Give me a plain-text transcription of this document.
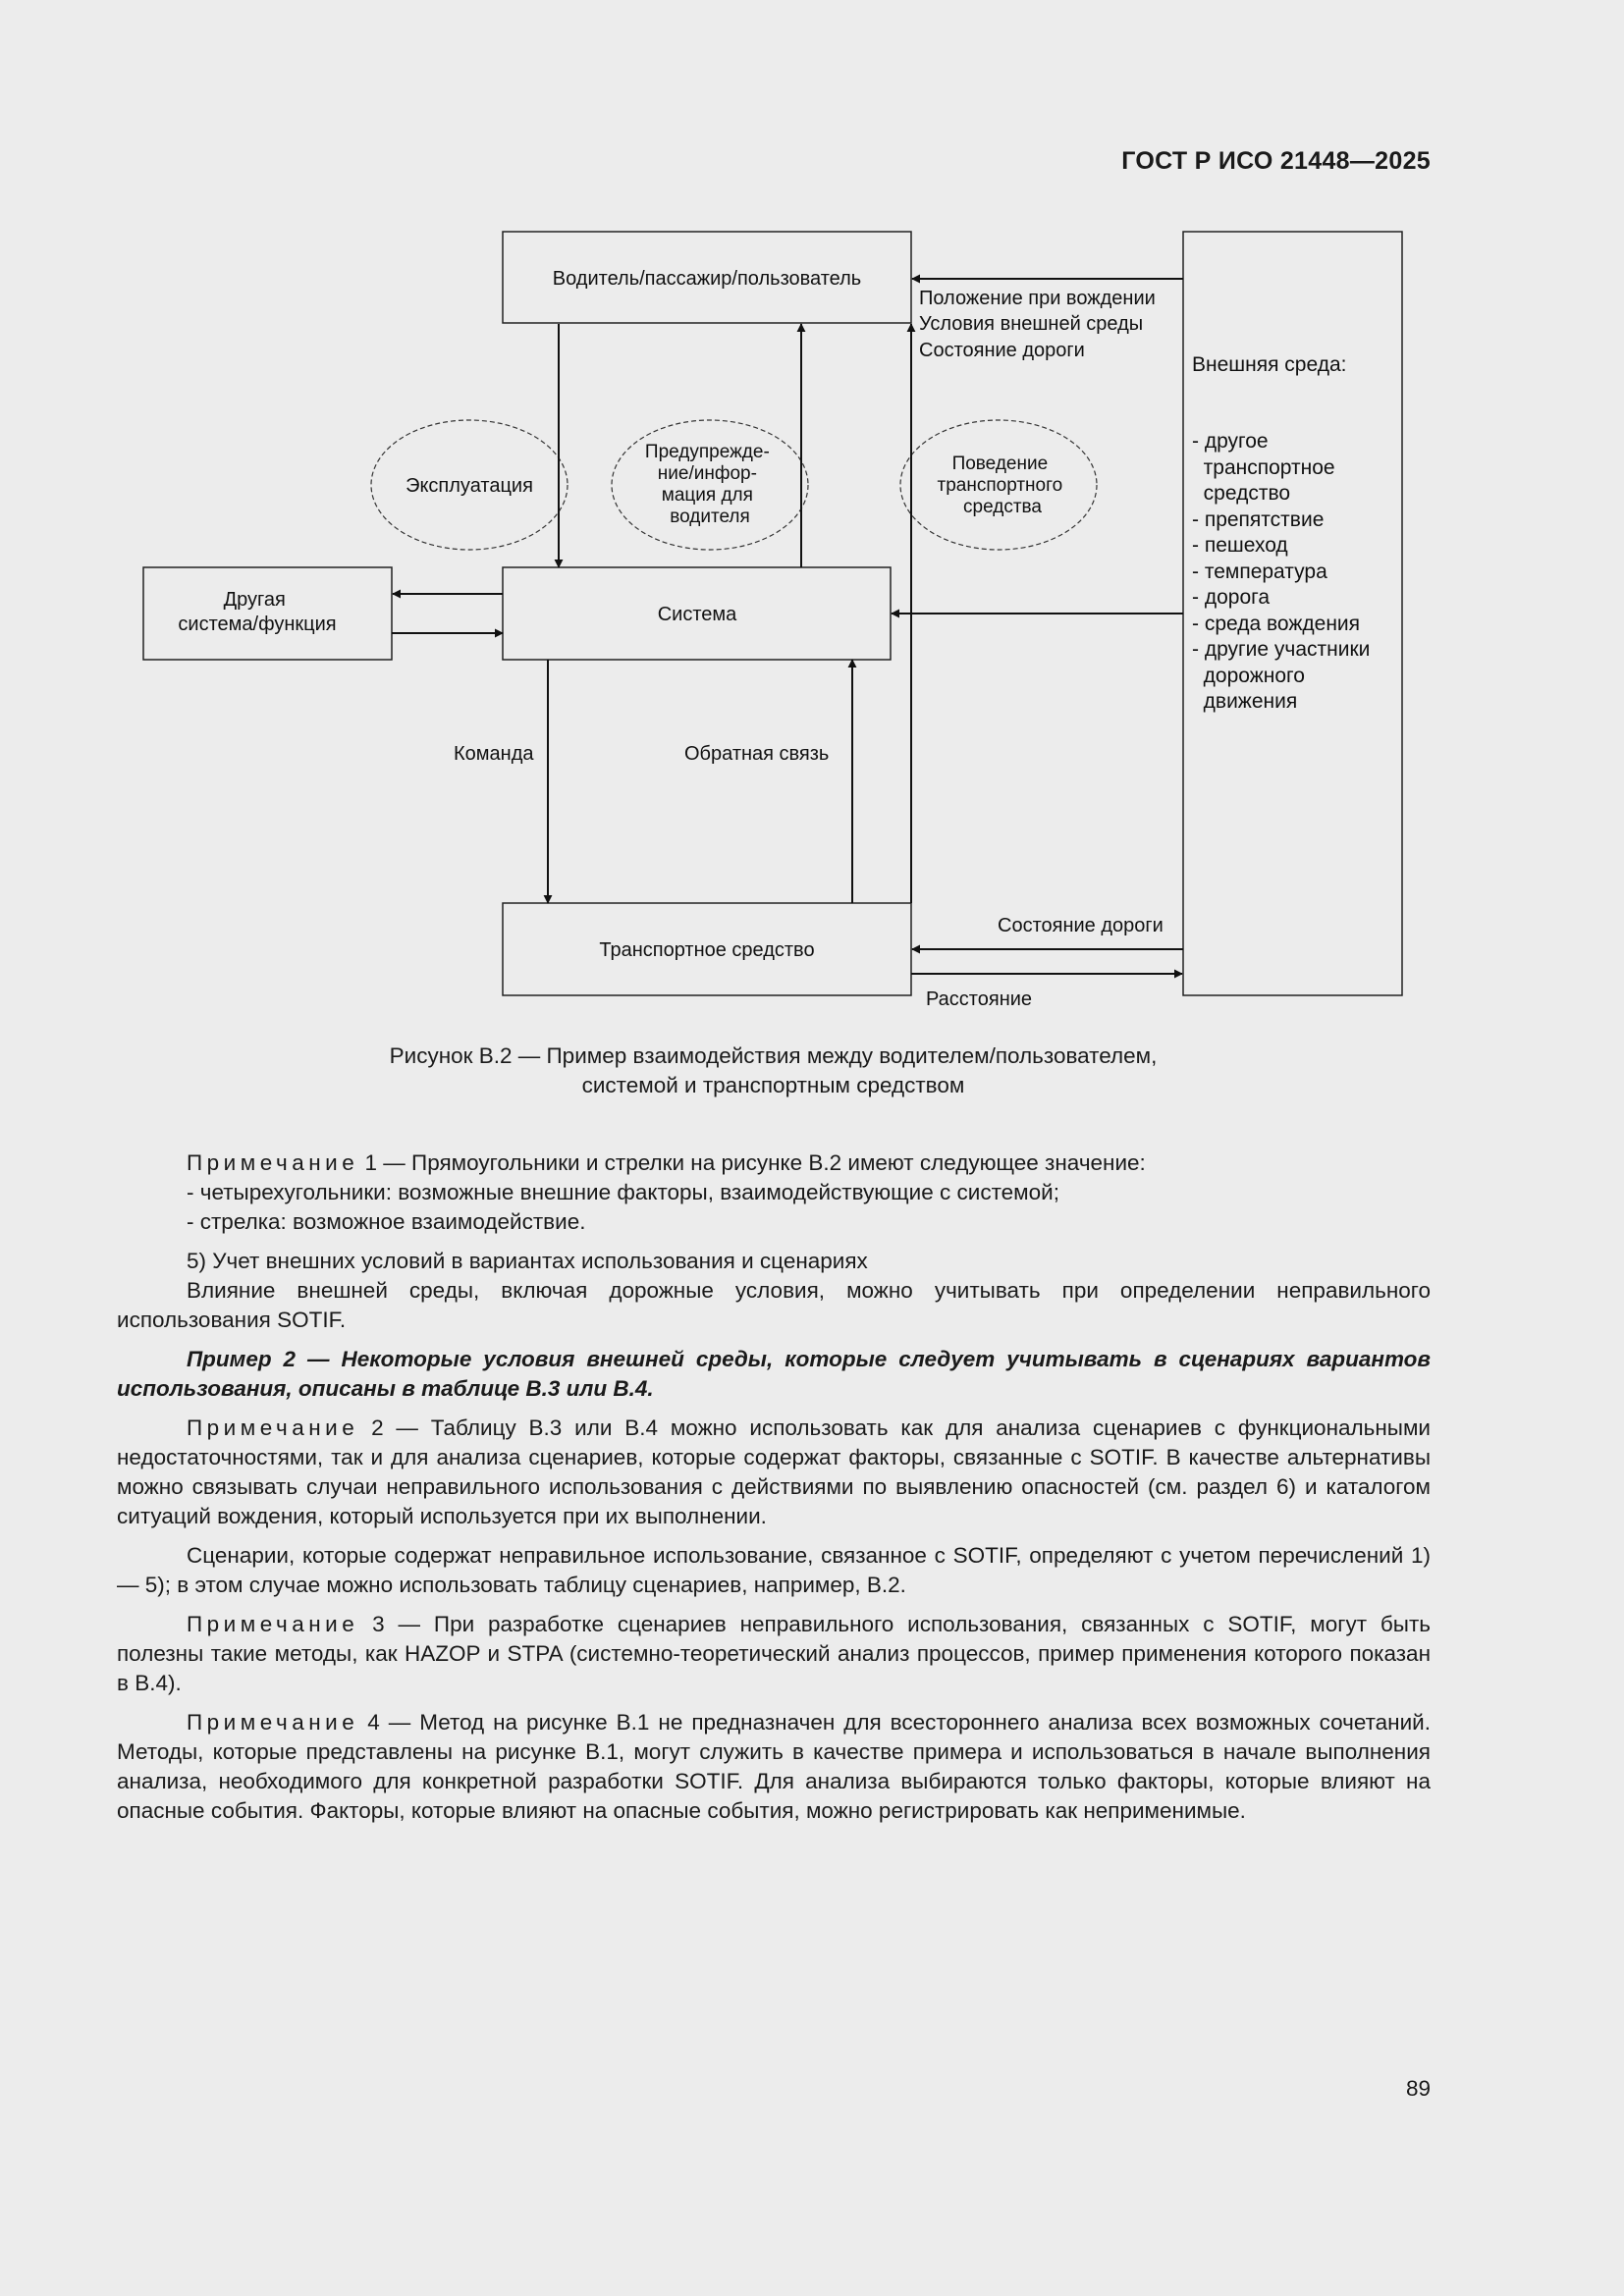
ГОСТ Р ИСО 21448—2025
Водитель/пассажир/пользователь
Система
Другая система/функция
Транспортное средство
Внешняя среда:
- другое       транспортное       средство - препятствие - пешеход - температура - дорога - среда вождения - другие участники       дорожного       движения
Эксплуатация
Предупрежде- ние/инфор- мация для водителя
Поведение транспортного средства
Положение при вождении Условия внешней среды Состояние дороги
Команда	Обратная связь
Состояние дороги
Расстояние
Рисунок В.2 — Пример взаимодействия между водителем/пользователем,
системой и транспортным средством

Примечание 1 — Прямоугольники и стрелки на рисунке В.2 имеют следующее значение:

- четырехугольники: возможные внешние факторы, взаимодействующие с системой;

- стрелка: возможное взаимодействие.

5) Учет внешних условий в вариантах использования и сценариях

Влияние внешней среды, включая дорожные условия, можно учитывать при определении неправильного использования SOTIF.

Пример 2 — Некоторые условия внешней среды, которые следует учитывать в сценариях вариантов использования, описаны в таблице В.3 или В.4.

Примечание 2 — Таблицу В.3 или В.4 можно использовать как для анализа сценариев с функциональными недостаточностями, так и для анализа сценариев, которые содержат факторы, связанные с SOTIF. В качестве альтернативы можно связывать случаи неправильного использования с действиями по выявлению опасностей (см. раздел 6) и каталогом ситуаций вождения, который используется при их выполнении.

Сценарии, которые содержат неправильное использование, связанное с SOTIF, определяют с учетом перечислений 1)— 5); в этом случае можно использовать таблицу сценариев, например, В.2.

Примечание 3 — При разработке сценариев неправильного использования, связанных с SOTIF, могут быть полезны такие методы, как HAZOP и STPA (системно-теоретический анализ процессов, пример применения которого показан в В.4).

Примечание 4 — Метод на рисунке В.1 не предназначен для всестороннего анализа всех возможных сочетаний. Методы, которые представлены на рисунке В.1, могут служить в качестве примера и использоваться в начале выполнения анализа, необходимого для конкретной разработки SOTIF. Для анализа выбираются только факторы, которые влияют на опасные события. Факторы, которые влияют на опасные события, можно регистрировать как неприменимые.

89
